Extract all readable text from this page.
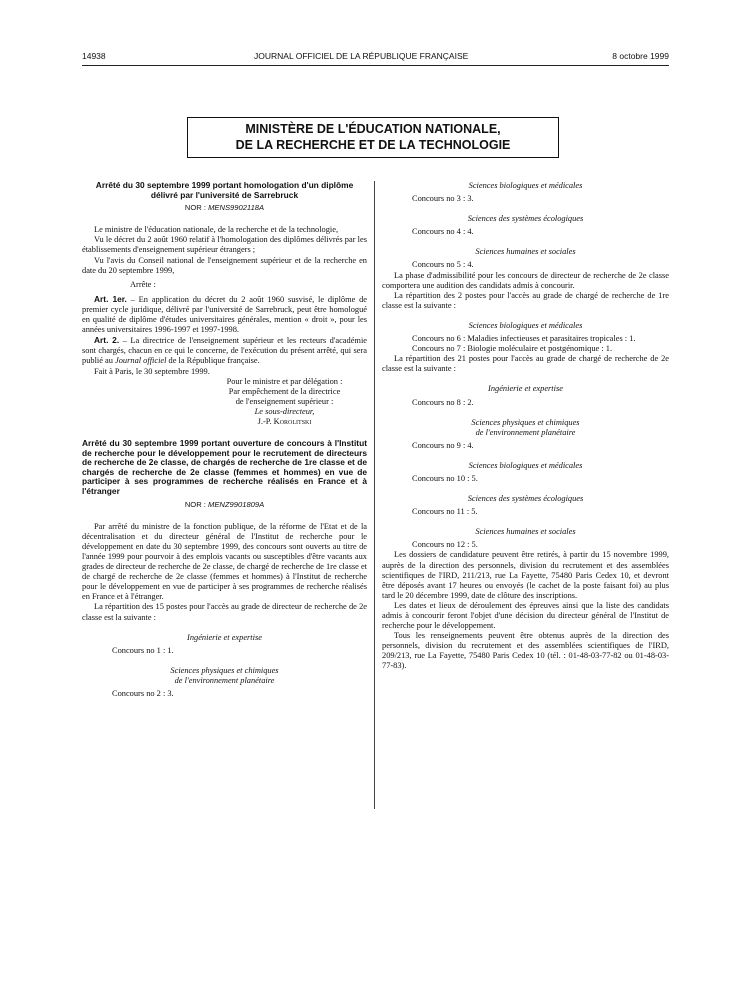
14938	JOURNAL OFFICIEL DE LA RÉPUBLIQUE FRANÇAISE	8 octobre 1999
MINISTÈRE DE L'ÉDUCATION NATIONALE,
DE LA RECHERCHE ET DE LA TECHNOLOGIE

Arrêté du 30 septembre 1999 portant homologation d'un diplôme délivré par l'université de Sarrebruck

NOR : MENS9902118A

Le ministre de l'éducation nationale, de la recherche et de la technologie,

Vu le décret du 2 août 1960 relatif à l'homologation des diplômes délivrés par les établissements d'enseignement supérieur étrangers ;

Vu l'avis du Conseil national de l'enseignement supérieur et de la recherche en date du 20 septembre 1999,

Arrête :

Art. 1er. – En application du décret du 2 août 1960 susvisé, le diplôme de premier cycle juridique, délivré par l'université de Sarrebruck, peut être homologué en qualité de diplôme d'études universitaires générales, mention « droit », pour les années universitaires 1996-1997 et 1997-1998.

Art. 2. – La directrice de l'enseignement supérieur et les recteurs d'académie sont chargés, chacun en ce qui le concerne, de l'exécution du présent arrêté, qui sera publié au Journal officiel de la République française.

Fait à Paris, le 30 septembre 1999.

Pour le ministre et par délégation :

Par empêchement de la directrice

de l'enseignement supérieur :

Le sous-directeur,

J.-P. Korolitski

Arrêté du 30 septembre 1999 portant ouverture de concours à l'Institut de recherche pour le développement pour le recrutement de directeurs de recherche de 2e classe, de chargés de recherche de 1re classe et de chargés de recherche de 2e classe (femmes et hommes) en vue de participer à ses programmes de recherche réalisés en France et à l'étranger

NOR : MENZ9901809A

Par arrêté du ministre de la fonction publique, de la réforme de l'Etat et de la décentralisation et du directeur général de l'Institut de recherche pour le développement en date du 30 septembre 1999, des concours sont ouverts au titre de l'année 1999 pour pourvoir à des emplois vacants ou susceptibles d'être vacants aux grades de directeur de recherche de 2e classe, de chargé de recherche de 1re classe et de chargé de recherche de 2e classe (femmes et hommes) à l'Institut de recherche pour le développement en vue de participer à ses programmes de recherche réalisés en France et à l'étranger.

La répartition des 15 postes pour l'accès au grade de directeur de recherche de 2e classe est la suivante :

Ingénierie et expertise

Concours no 1 : 1.

Sciences physiques et chimiques

de l'environnement planétaire

Concours no 2 : 3.

Sciences biologiques et médicales

Concours no 3 : 3.

Sciences des systèmes écologiques

Concours no 4 : 4.

Sciences humaines et sociales

Concours no 5 : 4.

La phase d'admissibilité pour les concours de directeur de recherche de 2e classe comportera une audition des candidats admis à concourir.

La répartition des 2 postes pour l'accès au grade de chargé de recherche de 1re classe est la suivante :

Sciences biologiques et médicales

Concours no 6 : Maladies infectieuses et parasitaires tropicales : 1.

Concours no 7 : Biologie moléculaire et postgénomique : 1.

La répartition des 21 postes pour l'accès au grade de chargé de recherche de 2e classe est la suivante :

Ingénierie et expertise

Concours no 8 : 2.

Sciences physiques et chimiques

de l'environnement planétaire

Concours no 9 : 4.

Sciences biologiques et médicales

Concours no 10 : 5.

Sciences des systèmes écologiques

Concours no 11 : 5.

Sciences humaines et sociales

Concours no 12 : 5.

Les dossiers de candidature peuvent être retirés, à partir du 15 novembre 1999, auprès de la direction des personnels, division du recrutement et des assemblées scientifiques de l'IRD, 211/213, rue La Fayette, 75480 Paris Cedex 10, et devront être déposés avant 17 heures ou envoyés (le cachet de la poste faisant foi) au plus tard le 20 décembre 1999, date de clôture des inscriptions.

Les dates et lieux de déroulement des épreuves ainsi que la liste des candidats admis à concourir feront l'objet d'une décision du directeur général de l'Institut de recherche pour le développement.

Tous les renseignements peuvent être obtenus auprès de la direction des personnels, division du recrutement et des assemblées scientifiques de l'IRD, 209/213, rue La Fayette, 75480 Paris Cedex 10 (tél. : 01-48-03-77-82 ou 01-48-03-77-83).
